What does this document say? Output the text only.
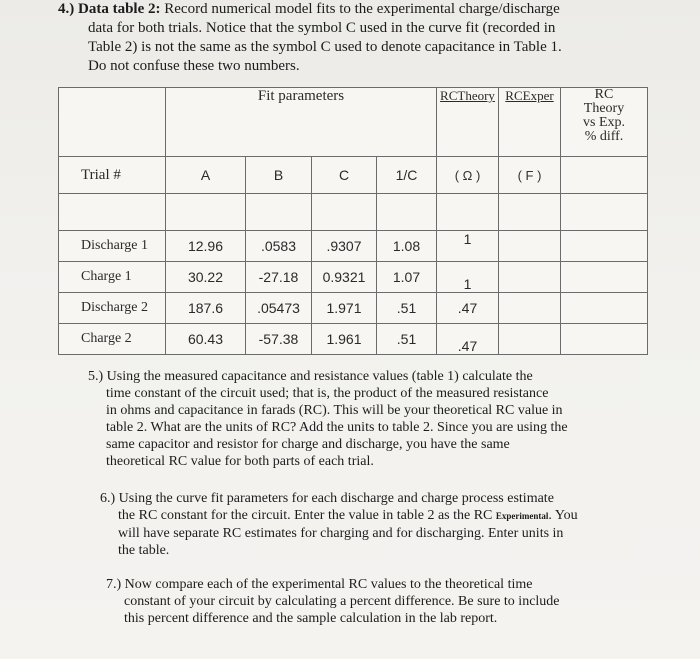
4.) Data table 2: Record numerical model fits to the experimental charge/discharge
data for both trials. Notice that the symbol C used in the curve fit (recorded in
Table 2) is not the same as the symbol C used to denote capacitance in Table 1.
Do not confuse these two numbers.
	Fit parameters				RCTheory	RCExper	RC
Theory
vs Exp.
% diff.
Trial #	A	B	C	1/C	( Ω )	( F )	

Discharge 1	12.96	.0583	.9307	1.08	1		
Charge 1	30.22	-27.18	0.9321	1.07	1		
Discharge 2	187.6	.05473	1.971	.51	.47		
Charge 2	60.43	-57.38	1.961	.51	.47		
5.) Using the measured capacitance and resistance values (table 1) calculate the
time constant of the circuit used; that is, the product of the measured resistance
in ohms and capacitance in farads (RC). This will be your theoretical RC value in
table 2. What are the units of RC? Add the units to table 2. Since you are using the
same capacitor and resistor for charge and discharge, you have the same
theoretical RC value for both parts of each trial.
6.) Using the curve fit parameters for each discharge and charge process estimate
the RC constant for the circuit. Enter the value in table 2 as the RC Experimental. You
will have separate RC estimates for charging and for discharging. Enter units in
the table.
7.) Now compare each of the experimental RC values to the theoretical time
constant of your circuit by calculating a percent difference. Be sure to include
this percent difference and the sample calculation in the lab report.
